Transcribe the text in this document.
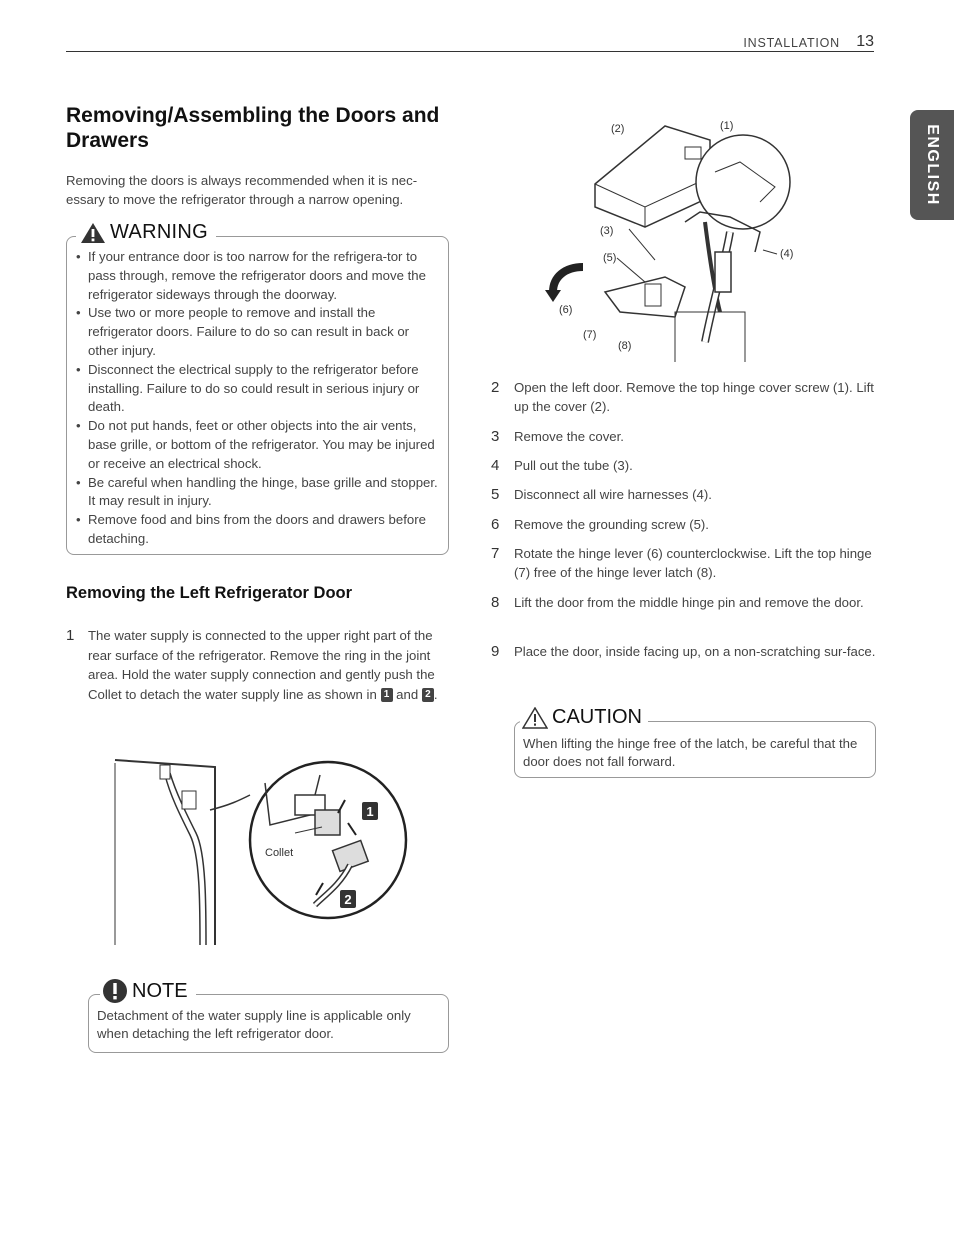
INSTALLATION 13
ENGLISH
Removing/Assembling the Doors and Drawers
Removing the doors is always recommended when it is nec-essary to move the refrigerator through a narrow opening.
WARNING
• If your entrance door is too narrow for the refrigera-tor to pass through, remove the refrigerator doors and move the refrigerator sideways through the doorway.
• Use two or more people to remove and install the refrigerator doors. Failure to do so can result in back or other injury.
• Disconnect the electrical supply to the refrigerator before installing. Failure to do so could result in serious injury or death.
• Do not put hands, feet or other objects into the air vents, base grille, or bottom of the refrigerator. You may be injured or receive an electrical shock.
• Be careful when handling the hinge, base grille and stopper. It may result in injury.
• Remove food and bins from the doors and drawers before detaching.
Removing the Left Refrigerator Door
1 The water supply is connected to the upper right part of the rear surface of the refrigerator. Remove the ring in the joint area. Hold the water supply connection and gently push the Collet to detach the water supply line as shown in 1 and 2 .
1
2
Collet
NOTE
Detachment of the water supply line is applicable only when detaching the left refrigerator door.
(1)
(2)
(3)
(4)
(5)
(6)
(7)
(8)
2 Open the left door. Remove the top hinge cover screw (1). Lift up the cover (2).
3 Remove the cover.
4 Pull out the tube (3).
5 Disconnect all wire harnesses (4).
6 Remove the grounding screw (5).
7 Rotate the hinge lever (6) counterclockwise. Lift the top hinge (7) free of the hinge lever latch (8).
8 Lift the door from the middle hinge pin and remove the door.
9 Place the door, inside facing up, on a non-scratching sur-face.
CAUTION
When lifting the hinge free of the latch, be careful that the door does not fall forward.
